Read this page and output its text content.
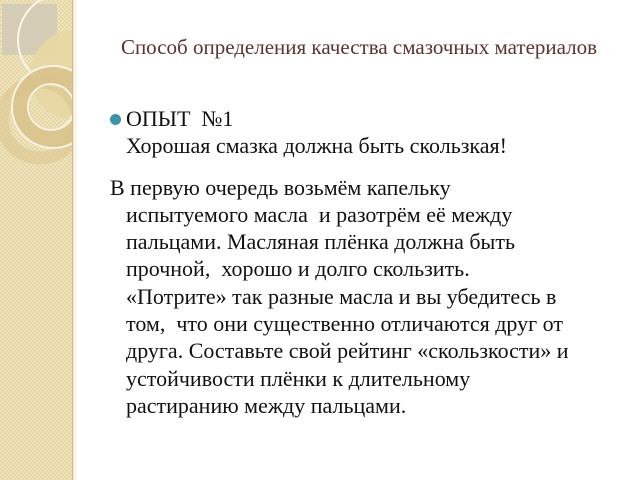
Способ определения качества смазочных материалов
ОПЫТ  №1
Хорошая смазка должна быть скользкая!
В первую очередь возьмём капельку
испытуемого масла  и разотрём её между
пальцами. Масляная плёнка должна быть
прочной,  хорошо и долго скользить.
«Потрите» так разные масла и вы убедитесь в
том,  что они существенно отличаются друг от
друга. Составьте свой рейтинг «скользкости» и
устойчивости плёнки к длительному
растиранию между пальцами.
